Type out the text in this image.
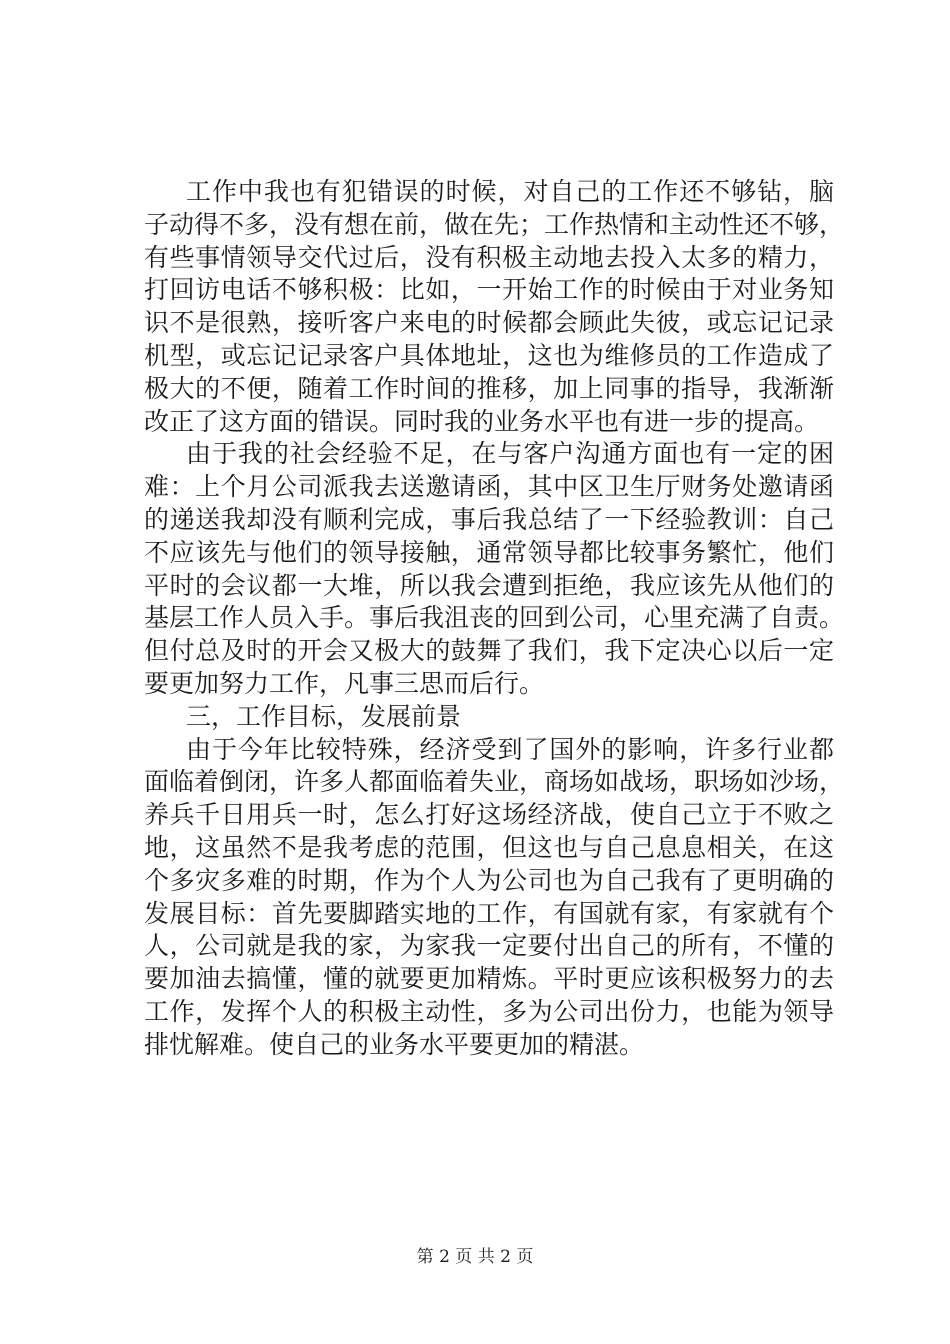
工作中我也有犯错误的时候，对自己的工作还不够钻，脑
子动得不多，没有想在前，做在先；工作热情和主动性还不够，
有些事情领导交代过后，没有积极主动地去投入太多的精力，
打回访电话不够积极：比如，一开始工作的时候由于对业务知
识不是很熟，接听客户来电的时候都会顾此失彼，或忘记记录
机型，或忘记记录客户具体地址，这也为维修员的工作造成了
极大的不便，随着工作时间的推移，加上同事的指导，我渐渐
改正了这方面的错误。同时我的业务水平也有进一步的提高。
由于我的社会经验不足，在与客户沟通方面也有一定的困
难：上个月公司派我去送邀请函，其中区卫生厅财务处邀请函
的递送我却没有顺利完成，事后我总结了一下经验教训：自己
不应该先与他们的领导接触，通常领导都比较事务繁忙，他们
平时的会议都一大堆，所以我会遭到拒绝，我应该先从他们的
基层工作人员入手。事后我沮丧的回到公司，心里充满了自责。
但付总及时的开会又极大的鼓舞了我们，我下定决心以后一定
要更加努力工作，凡事三思而后行。
三，工作目标，发展前景
由于今年比较特殊，经济受到了国外的影响，许多行业都
面临着倒闭，许多人都面临着失业，商场如战场，职场如沙场，
养兵千日用兵一时，怎么打好这场经济战，使自己立于不败之
地，这虽然不是我考虑的范围，但这也与自己息息相关，在这
个多灾多难的时期，作为个人为公司也为自己我有了更明确的
发展目标：首先要脚踏实地的工作，有国就有家，有家就有个
人，公司就是我的家，为家我一定要付出自己的所有，不懂的
要加油去搞懂，懂的就要更加精炼。平时更应该积极努力的去
工作，发挥个人的积极主动性，多为公司出份力，也能为领导
排忧解难。使自己的业务水平要更加的精湛。
第 2 页 共 2 页
